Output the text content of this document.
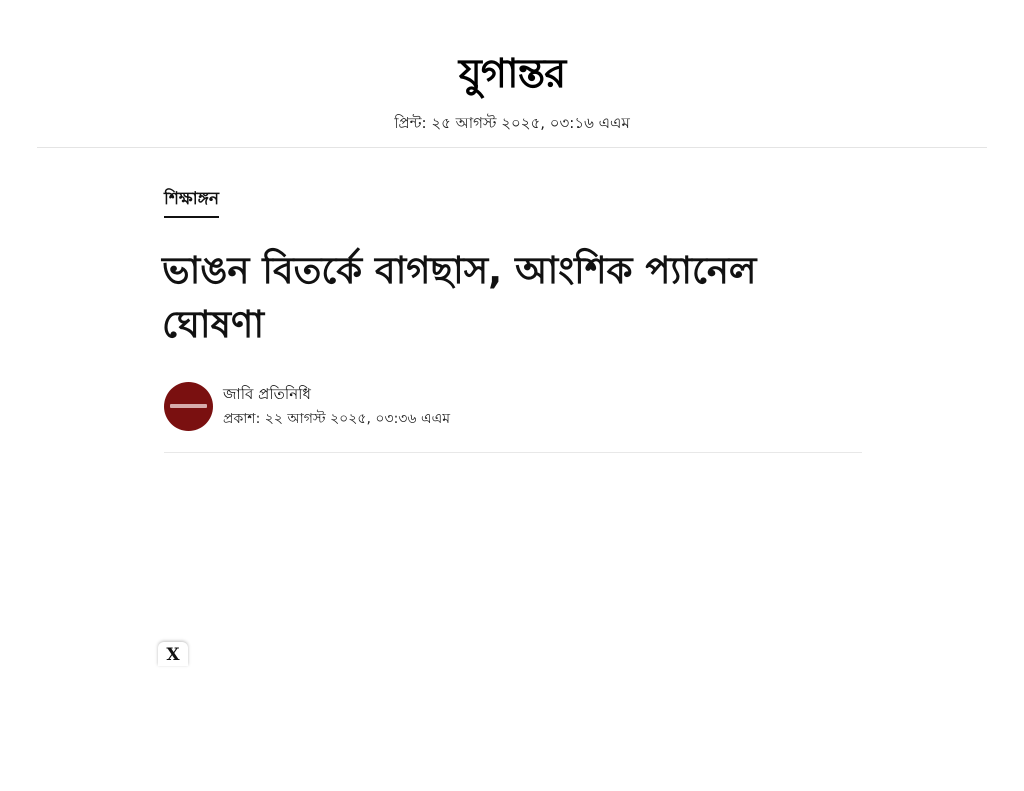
যুগান্তর
প্রিন্ট: ২৫ আগস্ট ২০২৫, ০৩:১৬ এএম
শিক্ষাঙ্গন
ভাঙন বিতর্কে বাগছাস, আংশিক প্যানেল ঘোষণা
জাবি প্রতিনিধি
প্রকাশ: ২২ আগস্ট ২০২৫, ০৩:৩৬ এএম
X
